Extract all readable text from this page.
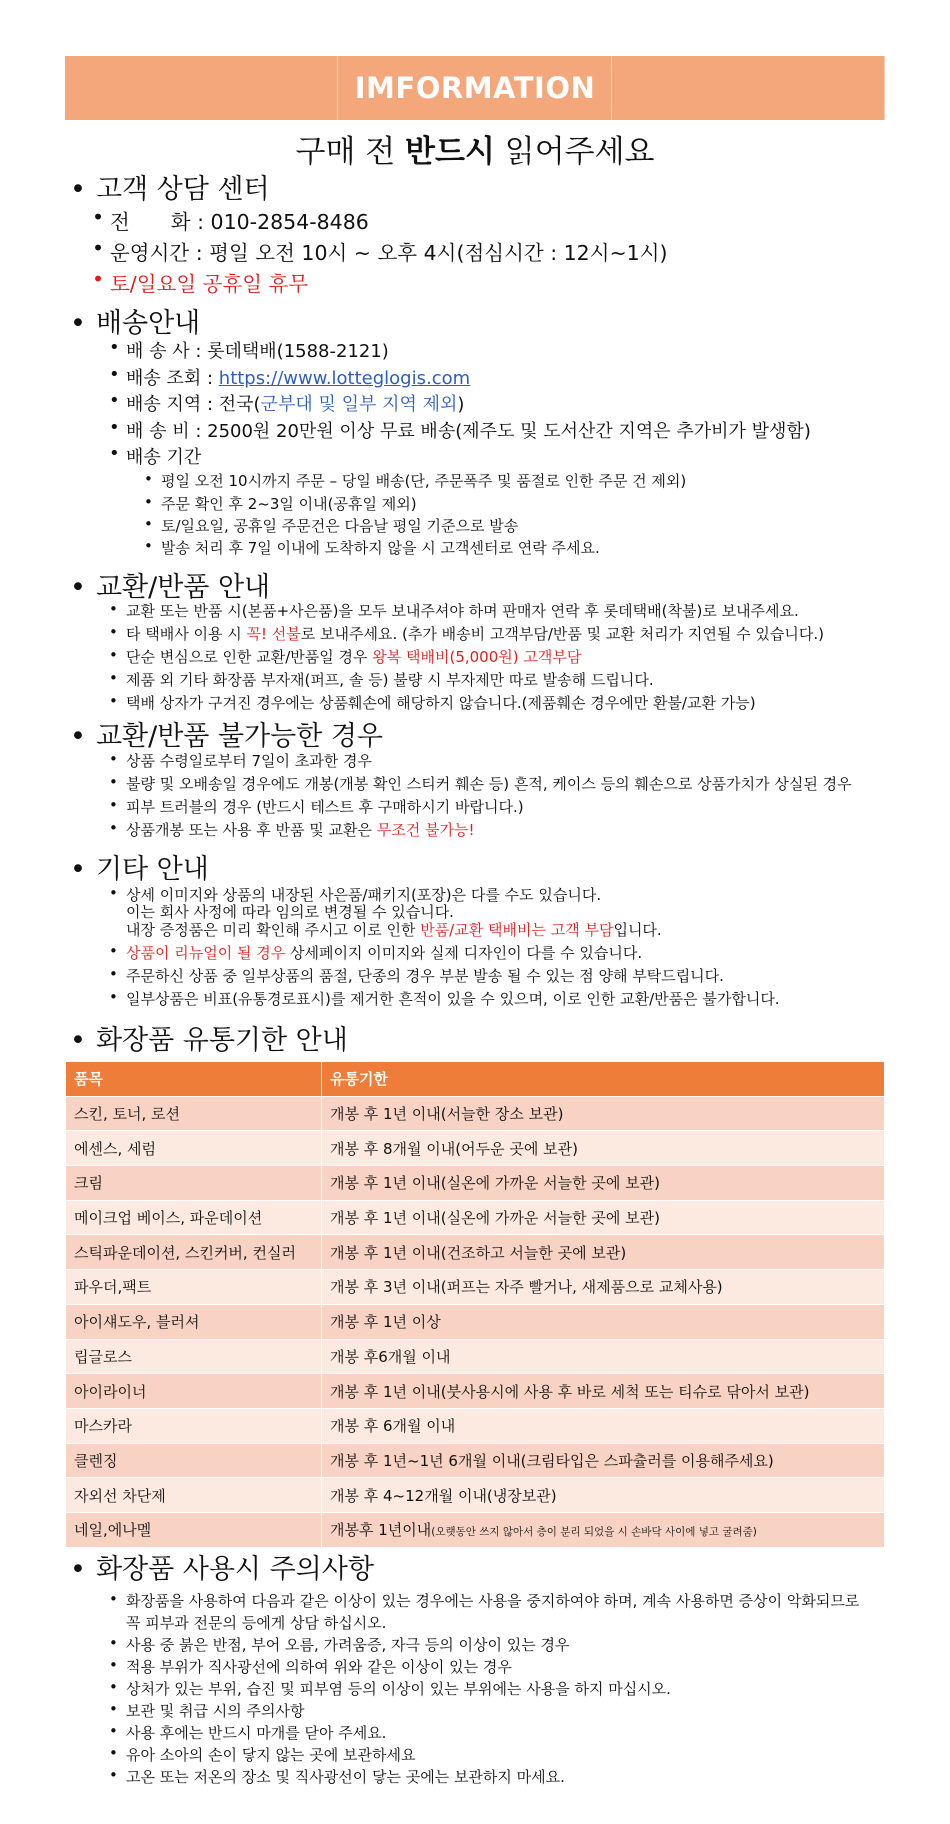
IMFORMATION
구매 전 반드시 읽어주세요
• 고객 상담 센터
• 전　　화 : 010-2854-8486
• 운영시간 : 평일 오전 10시 ~ 오후 4시(점심시간 : 12시~1시)
• 토/일요일 공휴일 휴무
• 배송안내
• 배 송 사 : 롯데택배(1588-2121)
• 배송 조회 : https://www.lotteglogis.com
• 배송 지역 : 전국(군부대 및 일부 지역 제외)
• 배 송 비 : 2500원 20만원 이상 무료 배송(제주도 및 도서산간 지역은 추가비가 발생함)
• 배송 기간
• 평일 오전 10시까지 주문 – 당일 배송(단, 주문폭주 및 품절로 인한 주문 건 제외)
• 주문 확인 후 2~3일 이내(공휴일 제외)
• 토/일요일, 공휴일 주문건은 다음날 평일 기준으로 발송
• 발송 처리 후 7일 이내에 도착하지 않을 시 고객센터로 연락 주세요.
• 교환/반품 안내
• 교환 또는 반품 시(본품+사은품)을 모두 보내주셔야 하며 판매자 연락 후 롯데택배(착불)로 보내주세요.
• 타 택배사 이용 시 꼭! 선불로 보내주세요. (추가 배송비 고객부담/반품 및 교환 처리가 지연될 수 있습니다.)
• 단순 변심으로 인한 교환/반품일 경우 왕복 택배비(5,000원) 고객부담
• 제품 외 기타 화장품 부자재(퍼프, 솔 등) 불량 시 부자제만 따로 발송해 드립니다.
• 택배 상자가 구겨진 경우에는 상품훼손에 해당하지 않습니다.(제품훼손 경우에만 환불/교환 가능)
• 교환/반품 불가능한 경우
• 상품 수령일로부터 7일이 초과한 경우
• 불량 및 오배송일 경우에도 개봉(개봉 확인 스티커 훼손 등) 흔적, 케이스 등의 훼손으로 상품가치가 상실된 경우
• 피부 트러블의 경우 (반드시 테스트 후 구매하시기 바랍니다.)
• 상품개봉 또는 사용 후 반품 및 교환은 무조건 불가능!
• 기타 안내
• 상세 이미지와 상품의 내장된 사은품/패키지(포장)은 다를 수도 있습니다.
이는 회사 사정에 따라 임의로 변경될 수 있습니다.
내장 증정품은 미리 확인해 주시고 이로 인한 반품/교환 택배비는 고객 부담입니다.
• 상품이 리뉴얼이 될 경우 상세페이지 이미지와 실제 디자인이 다를 수 있습니다.
• 주문하신 상품 중 일부상품의 품절, 단종의 경우 부분 발송 될 수 있는 점 양해 부탁드립니다.
• 일부상품은 비표(유통경로표시)를 제거한 흔적이 있을 수 있으며, 이로 인한 교환/반품은 불가합니다.
• 화장품 유통기한 안내
품목	유통기한
스킨, 토너, 로션	개봉 후 1년 이내(서늘한 장소 보관)
에센스, 세럼	개봉 후 8개월 이내(어두운 곳에 보관)
크림	개봉 후 1년 이내(실온에 가까운 서늘한 곳에 보관)
메이크업 베이스, 파운데이션	개봉 후 1년 이내(실온에 가까운 서늘한 곳에 보관)
스틱파운데이션, 스킨커버, 컨실러	개봉 후 1년 이내(건조하고 서늘한 곳에 보관)
파우더,팩트	개봉 후 3년 이내(퍼프는 자주 빨거나, 새제품으로 교체사용)
아이섀도우, 블러셔	개봉 후 1년 이상
립글로스	개봉 후6개월 이내
아이라이너	개봉 후 1년 이내(붓사용시에 사용 후 바로 세척 또는 티슈로 닦아서 보관)
마스카라	개봉 후 6개월 이내
클렌징	개봉 후 1년~1년 6개월 이내(크림타입은 스파츌러를 이용해주세요)
자외선 차단제	개봉 후 4~12개월 이내(냉장보관)
네일,에나멜	개봉후 1년이내(오랫동안 쓰지 않아서 층이 분리 되었을 시 손바닥 사이에 넣고 굴려줌)
• 화장품 사용시 주의사항
• 화장품을 사용하여 다음과 같은 이상이 있는 경우에는 사용을 중지하여야 하며, 계속 사용하면 증상이 악화되므로
꼭 피부과 전문의 등에게 상담 하십시오.
• 사용 중 붉은 반점, 부어 오름, 가려움증, 자극 등의 이상이 있는 경우
• 적용 부위가 직사광선에 의하여 위와 같은 이상이 있는 경우
• 상처가 있는 부위, 습진 및 피부염 등의 이상이 있는 부위에는 사용을 하지 마십시오.
• 보관 및 취급 시의 주의사항
• 사용 후에는 반드시 마개를 닫아 주세요.
• 유아 소아의 손이 닿지 않는 곳에 보관하세요
• 고온 또는 저온의 장소 및 직사광선이 닿는 곳에는 보관하지 마세요.
